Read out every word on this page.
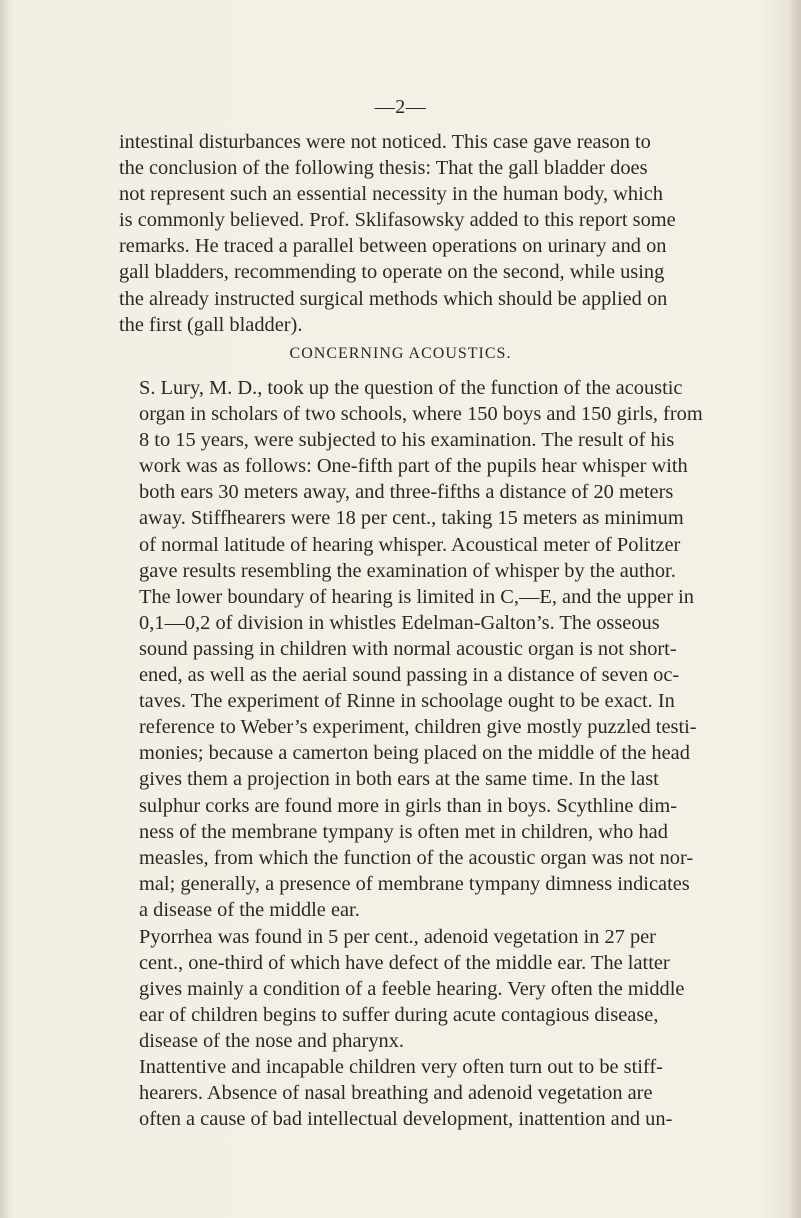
—2—
intestinal disturbances were not noticed. This case gave reason to
the conclusion of the following thesis: That the gall bladder does
not represent such an essential necessity in the human body, which
is commonly believed. Prof. Sklifasowsky added to this report some
remarks. He traced a parallel between operations on urinary and on
gall bladders, recommending to operate on the second, while using
the already instructed surgical methods which should be applied on
the first (gall bladder).
CONCERNING ACOUSTICS.
S. Lury, M. D., took up the question of the function of the acoustic
organ in scholars of two schools, where 150 boys and 150 girls, from
8 to 15 years, were subjected to his examination. The result of his
work was as follows: One-fifth part of the pupils hear whisper with
both ears 30 meters away, and three-fifths a distance of 20 meters
away. Stiffhearers were 18 per cent., taking 15 meters as minimum
of normal latitude of hearing whisper. Acoustical meter of Politzer
gave results resembling the examination of whisper by the author.
The lower boundary of hearing is limited in C,—E, and the upper in
0,1—0,2 of division in whistles Edelman-Galton’s. The osseous
sound passing in children with normal acoustic organ is not short-
ened, as well as the aerial sound passing in a distance of seven oc-
taves. The experiment of Rinne in schoolage ought to be exact. In
reference to Weber’s experiment, children give mostly puzzled testi-
monies; because a camerton being placed on the middle of the head
gives them a projection in both ears at the same time. In the last
sulphur corks are found more in girls than in boys. Scythline dim-
ness of the membrane tympany is often met in children, who had
measles, from which the function of the acoustic organ was not nor-
mal; generally, a presence of membrane tympany dimness indicates
a disease of the middle ear.
Pyorrhea was found in 5 per cent., adenoid vegetation in 27 per
cent., one-third of which have defect of the middle ear. The latter
gives mainly a condition of a feeble hearing. Very often the middle
ear of children begins to suffer during acute contagious disease,
disease of the nose and pharynx.
Inattentive and incapable children very often turn out to be stiff-
hearers. Absence of nasal breathing and adenoid vegetation are
often a cause of bad intellectual development, inattention and un-
